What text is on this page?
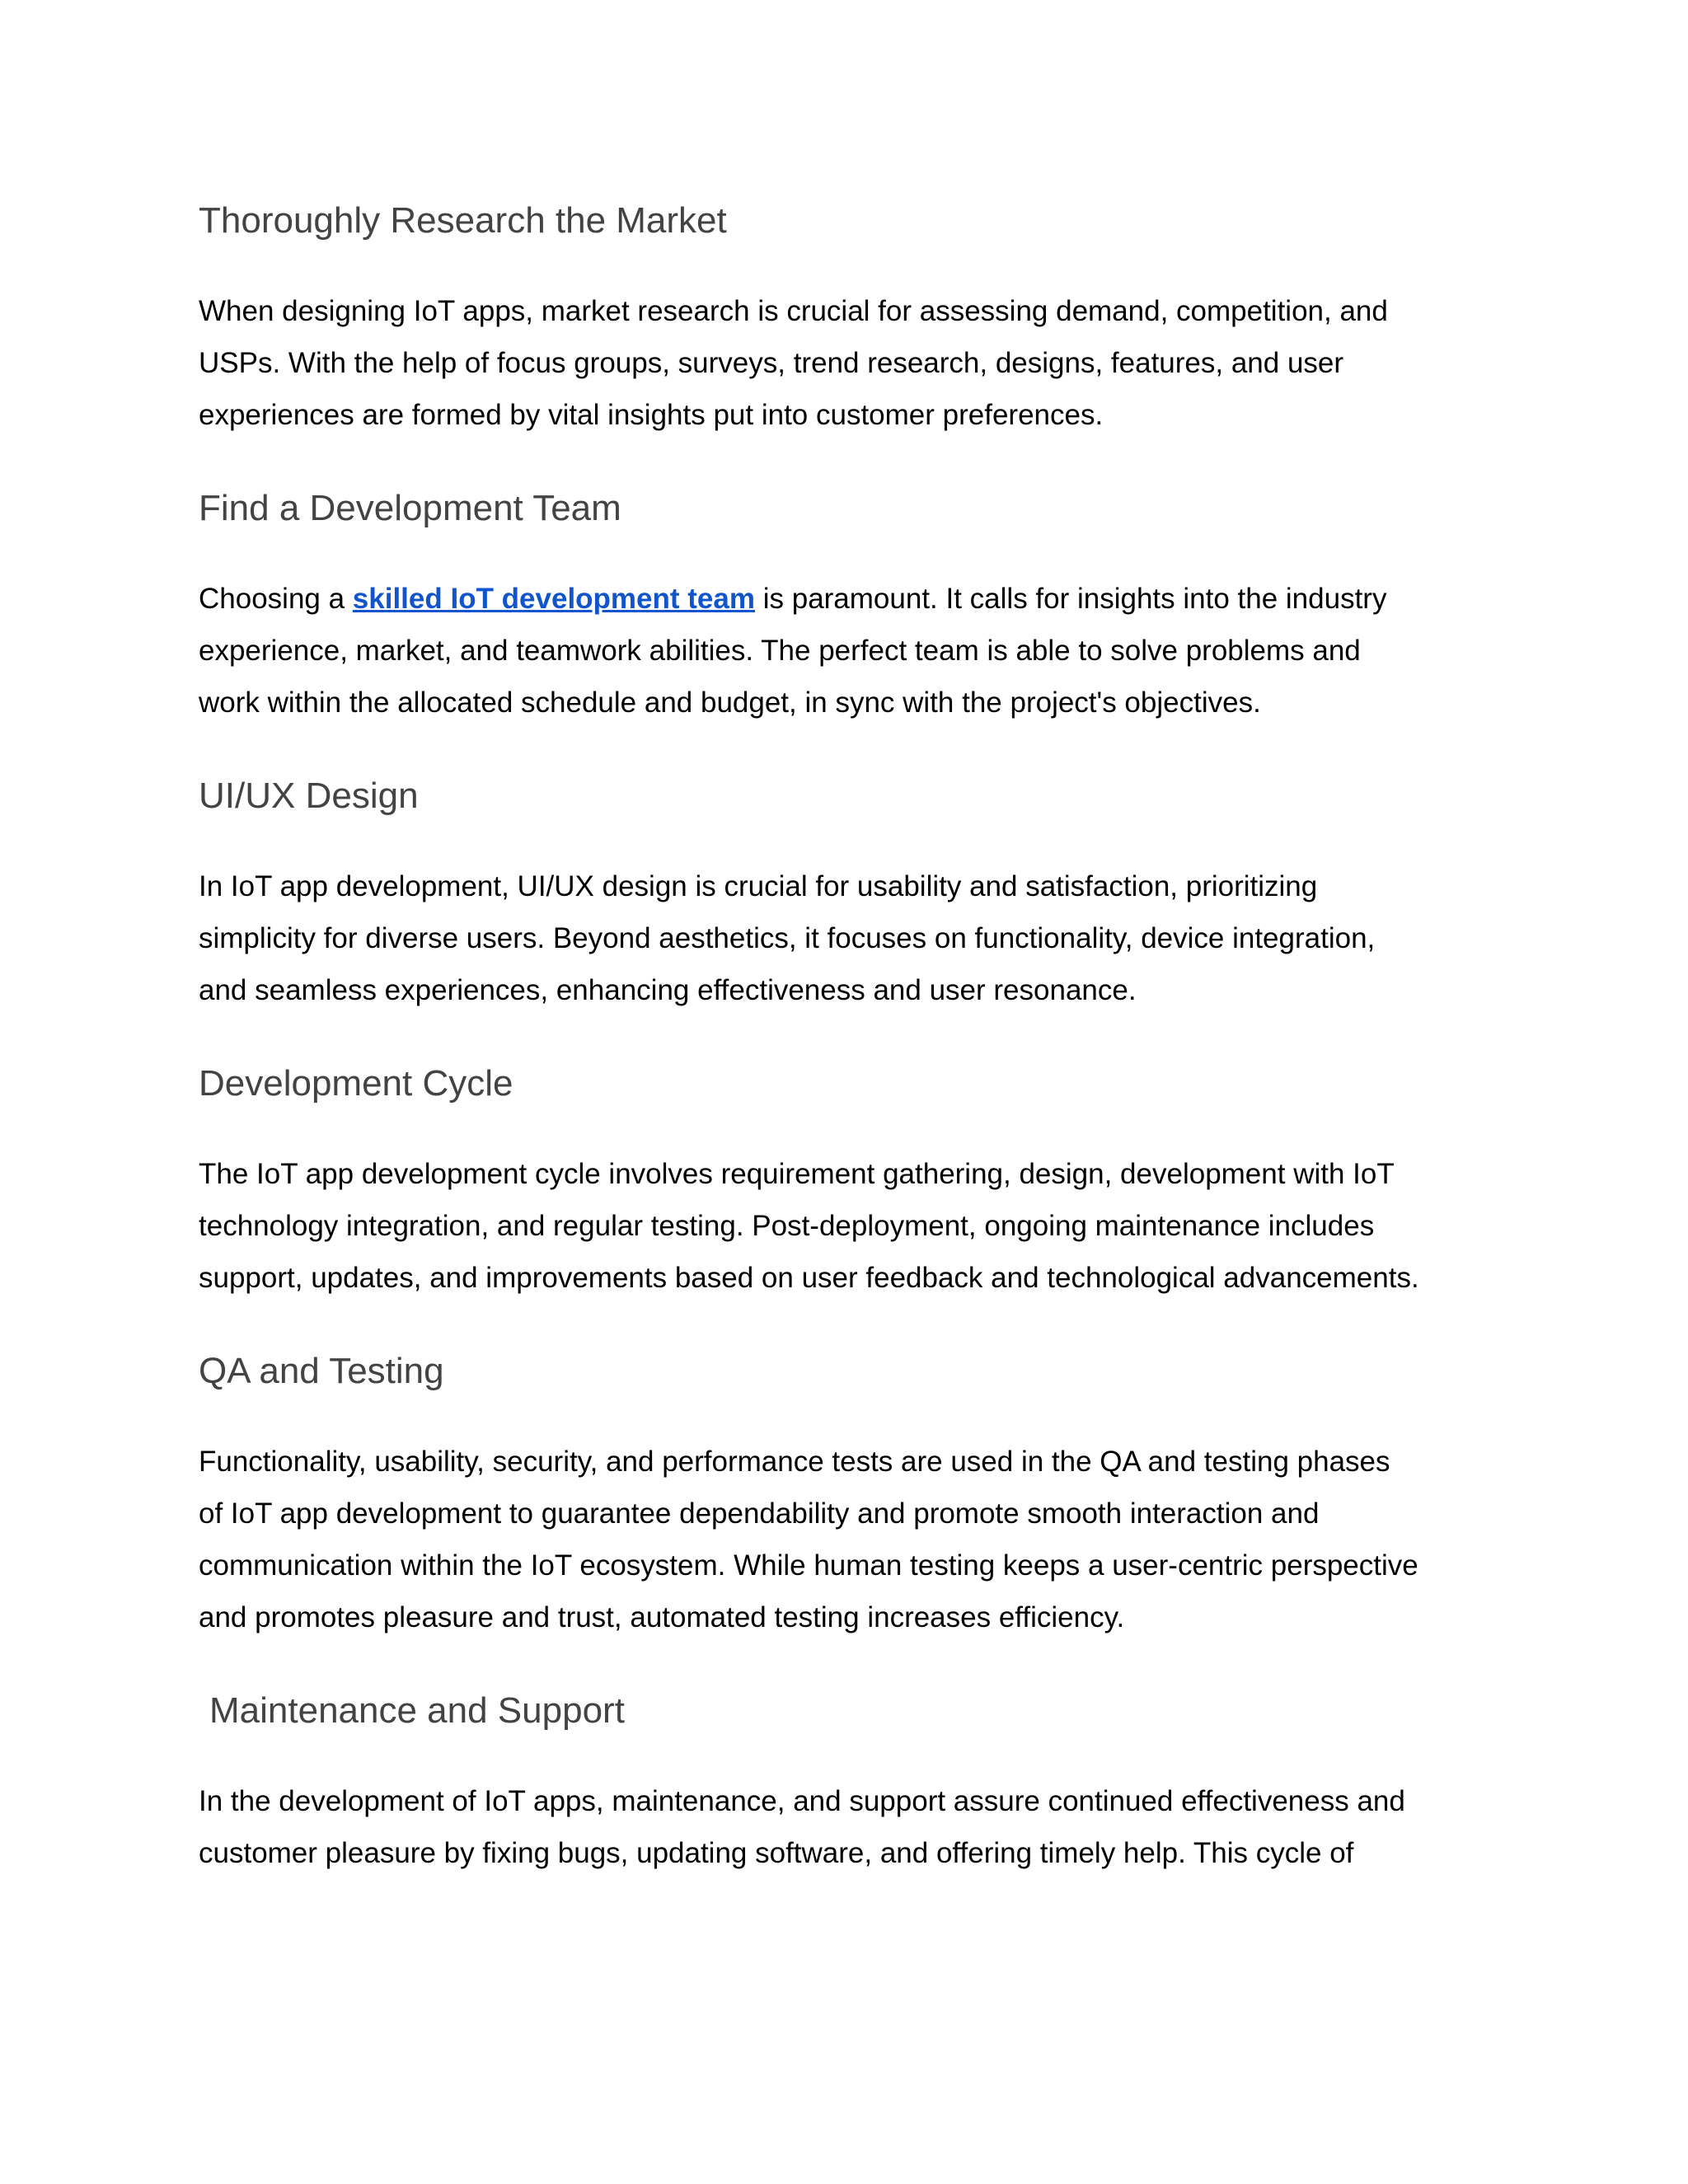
Thoroughly Research the Market

When designing IoT apps, market research is crucial for assessing demand, competition, and
USPs. With the help of focus groups, surveys, trend research, designs, features, and user
experiences are formed by vital insights put into customer preferences.

Find a Development Team

Choosing a skilled IoT development team is paramount. It calls for insights into the industry
experience, market, and teamwork abilities. The perfect team is able to solve problems and
work within the allocated schedule and budget, in sync with the project's objectives.

UI/UX Design

In IoT app development, UI/UX design is crucial for usability and satisfaction, prioritizing
simplicity for diverse users. Beyond aesthetics, it focuses on functionality, device integration,
and seamless experiences, enhancing effectiveness and user resonance.

Development Cycle

The IoT app development cycle involves requirement gathering, design, development with IoT
technology integration, and regular testing. Post-deployment, ongoing maintenance includes
support, updates, and improvements based on user feedback and technological advancements.

QA and Testing

Functionality, usability, security, and performance tests are used in the QA and testing phases
of IoT app development to guarantee dependability and promote smooth interaction and
communication within the IoT ecosystem. While human testing keeps a user-centric perspective
and promotes pleasure and trust, automated testing increases efficiency.

Maintenance and Support

In the development of IoT apps, maintenance, and support assure continued effectiveness and
customer pleasure by fixing bugs, updating software, and offering timely help. This cycle of
